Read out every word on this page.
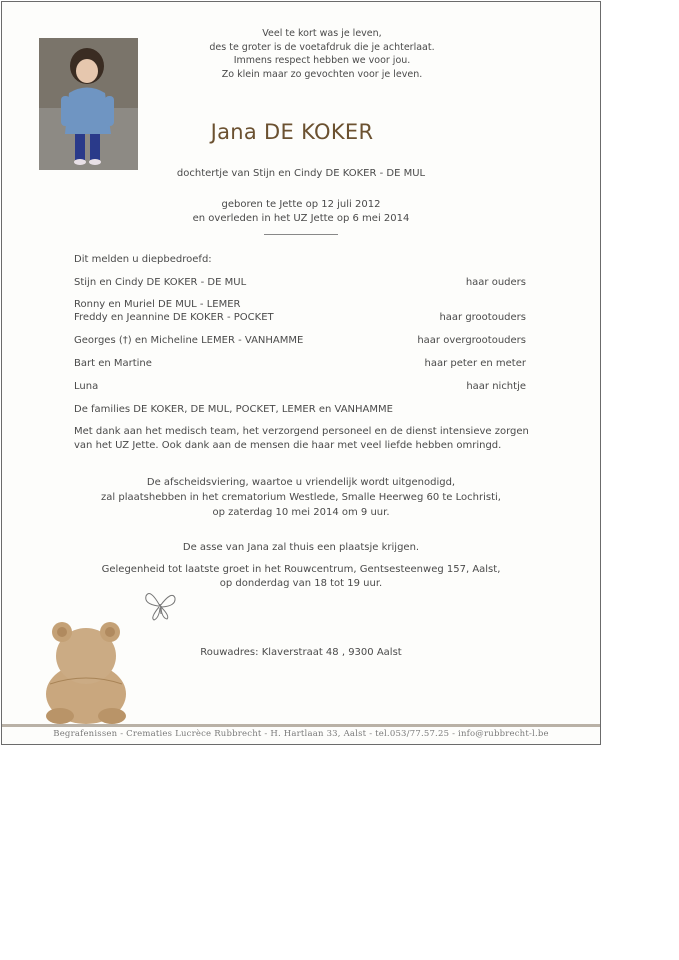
Veel te kort was je leven,
des te groter is de voetafdruk die je achterlaat.
Immens respect hebben we voor jou.
Zo klein maar zo gevochten voor je leven.
Jana DE KOKER
dochtertje van Stijn en Cindy DE KOKER - DE MUL
geboren te Jette op 12 juli 2012
en overleden in het UZ Jette op 6 mei 2014
Dit melden u diepbedroefd:
Stijn en Cindy DE KOKER - DE MUL	haar ouders
Ronny en Muriel DE MUL - LEMER
Freddy en Jeannine DE KOKER - POCKET	haar grootouders
Georges (†) en Micheline LEMER - VANHAMME	haar overgrootouders
Bart en Martine	haar peter en meter
Luna	haar nichtje
De families DE KOKER, DE MUL, POCKET, LEMER en VANHAMME
Met dank aan het medisch team, het verzorgend personeel en de dienst intensieve zorgen
van het UZ Jette. Ook dank aan de mensen die haar met veel liefde hebben omringd.
De afscheidsviering, waartoe u vriendelijk wordt uitgenodigd,
zal plaatshebben in het crematorium Westlede, Smalle Heerweg 60 te Lochristi,
op zaterdag 10 mei 2014 om 9 uur.
De asse van Jana zal thuis een plaatsje krijgen.
Gelegenheid tot laatste groet in het Rouwcentrum, Gentsesteenweg 157, Aalst,
op donderdag van 18 tot 19 uur.
Rouwadres: Klaverstraat 48 , 9300 Aalst
Begrafenissen - Crematies Lucrèce Rubbrecht - H. Hartlaan 33, Aalst - tel.053/77.57.25 - info@rubbrecht-l.be
